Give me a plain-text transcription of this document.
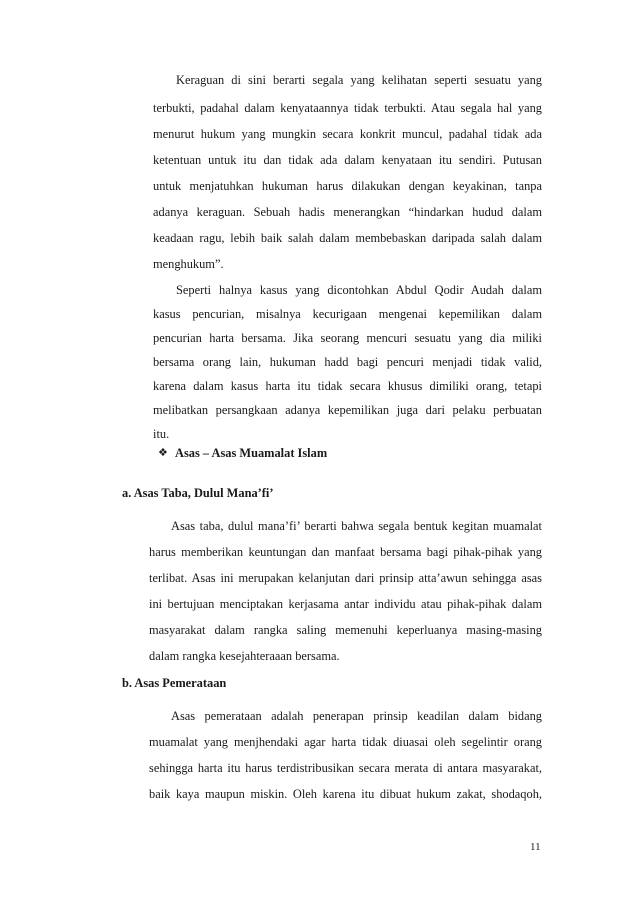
Keraguan di sini berarti segala yang kelihatan seperti sesuatu yang

terbukti, padahal dalam kenyataannya tidak terbukti. Atau segala hal yang

menurut hukum yang mungkin secara konkrit muncul, padahal tidak ada

ketentuan untuk itu dan tidak ada dalam kenyataan itu sendiri. Putusan

untuk menjatuhkan hukuman harus dilakukan dengan keyakinan, tanpa

adanya keraguan. Sebuah hadis menerangkan “hindarkan hudud dalam

keadaan ragu, lebih baik salah dalam membebaskan daripada salah dalam

menghukum”.

Seperti halnya kasus yang dicontohkan Abdul Qodir Audah dalam

kasus pencurian, misalnya kecurigaan mengenai kepemilikan dalam

pencurian harta bersama. Jika seorang mencuri sesuatu yang dia miliki

bersama orang lain, hukuman hadd bagi pencuri menjadi tidak valid,

karena dalam kasus harta itu tidak secara khusus dimiliki orang, tetapi

melibatkan persangkaan adanya kepemilikan juga dari pelaku perbuatan

itu.

❖ Asas – Asas Muamalat Islam
a. Asas Taba, Dulul Mana’fi’

Asas taba, dulul mana’fi’ berarti bahwa segala bentuk kegitan muamalat

harus memberikan keuntungan dan manfaat bersama bagi pihak-pihak yang

terlibat. Asas ini merupakan kelanjutan dari prinsip atta’awun sehingga asas

ini bertujuan menciptakan kerjasama antar individu atau pihak-pihak dalam

masyarakat dalam rangka saling memenuhi keperluanya masing-masing

dalam rangka kesejahteraaan bersama.

b. Asas Pemerataan

Asas pemerataan adalah penerapan prinsip keadilan dalam bidang

muamalat yang menjhendaki agar harta tidak diuasai oleh segelintir orang

sehingga harta itu harus terdistribusikan secara merata di antara masyarakat,

baik kaya maupun miskin. Oleh karena itu dibuat hukum zakat, shodaqoh,

11
